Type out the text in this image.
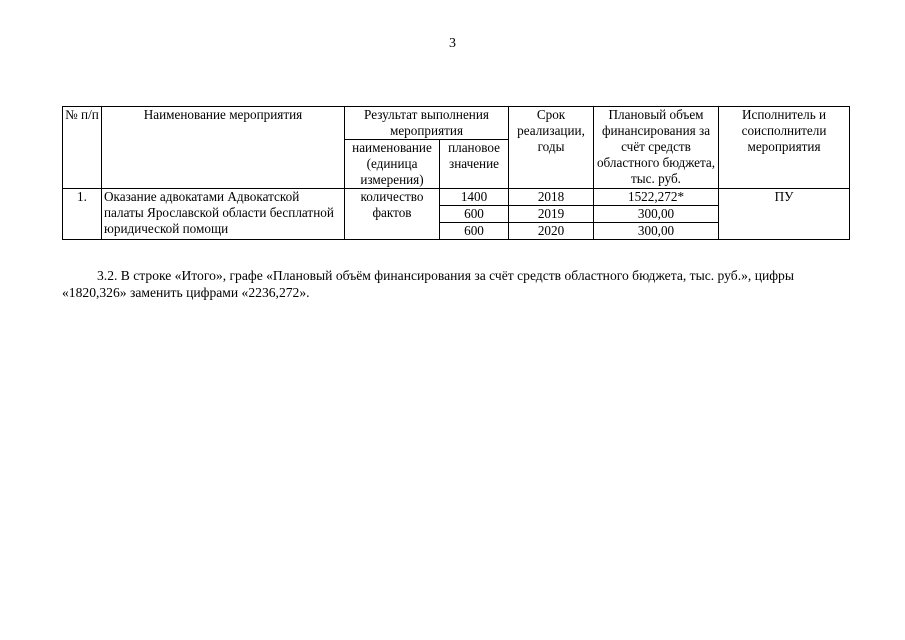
3
№ п/п	Наименование мероприятия	Результат выполнения мероприятия		Срок реализации, годы	Плановый объем финансирования за счёт средств областного бюджета, тыс. руб.	Исполнитель и соисполнители мероприятия
		наименование (единица измерения)	плановое значение			
1.	Оказание адвокатами Адвокатской палаты Ярославской области бесплатной юридической помощи	количество фактов	1400	2018	1522,272*	ПУ
			600	2019	300,00	
			600	2020	300,00	
3.2. В строке «Итого», графе «Плановый объём финансирования за счёт средств областного бюджета, тыс. руб.», цифры «1820,326» заменить цифрами «2236,272».
